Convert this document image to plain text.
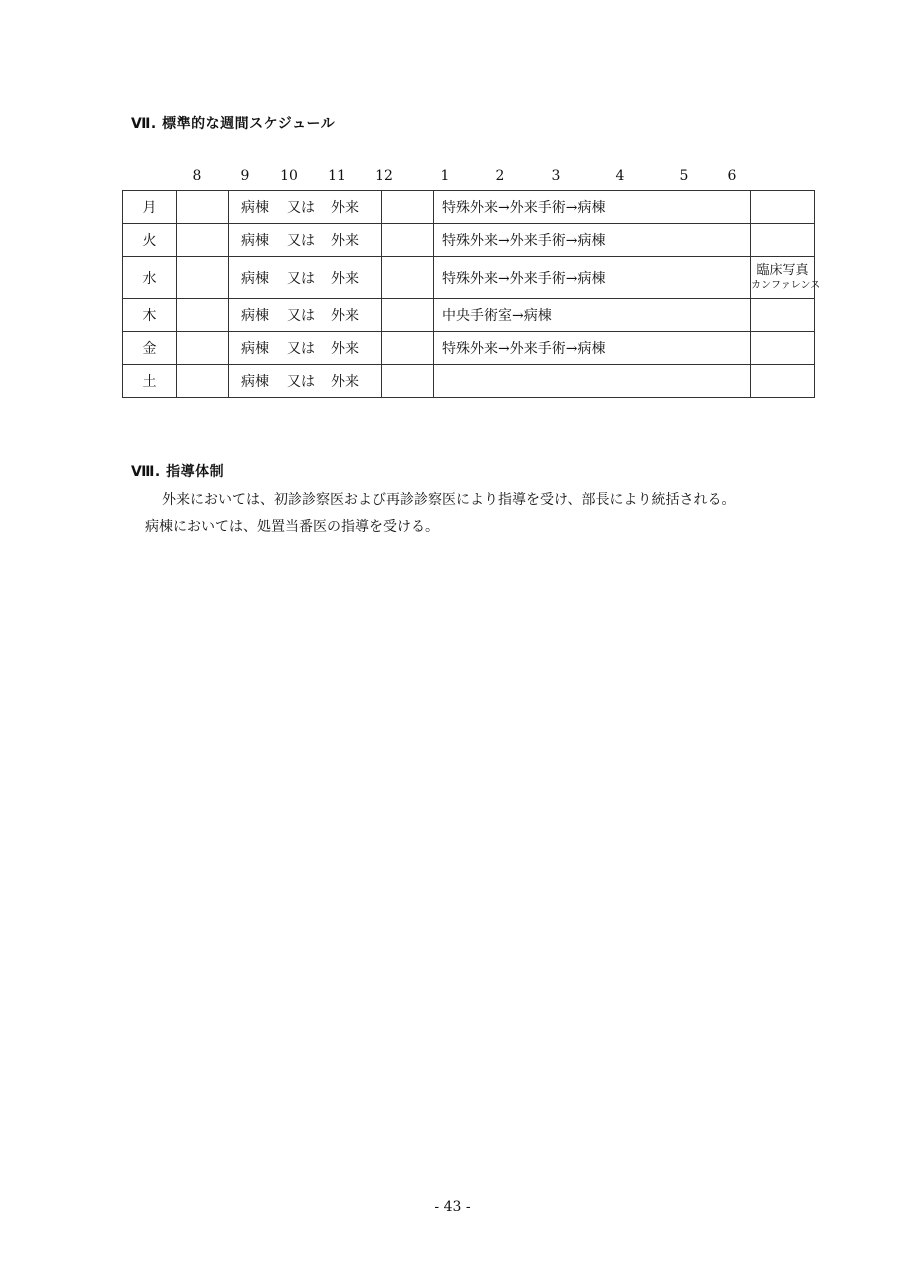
Ⅶ. 標準的な週間スケジュール
8	9 10 11 12	1	2	3	4	5	6
月		病棟 又は 外来		特殊外来→外来手術→病棟	
火		病棟 又は 外来		特殊外来→外来手術→病棟	
水		病棟 又は 外来		特殊外来→外来手術→病棟	臨床写真
カンファレンス

木		病棟 又は 外来		中央手術室→病棟	
金		病棟 又は 外来		特殊外来→外来手術→病棟	
土		病棟 又は 外来			
Ⅷ. 指導体制
外来においては、初診診察医および再診診察医により指導を受け、部長により統括される。
病棟においては、処置当番医の指導を受ける。
- 43 -
